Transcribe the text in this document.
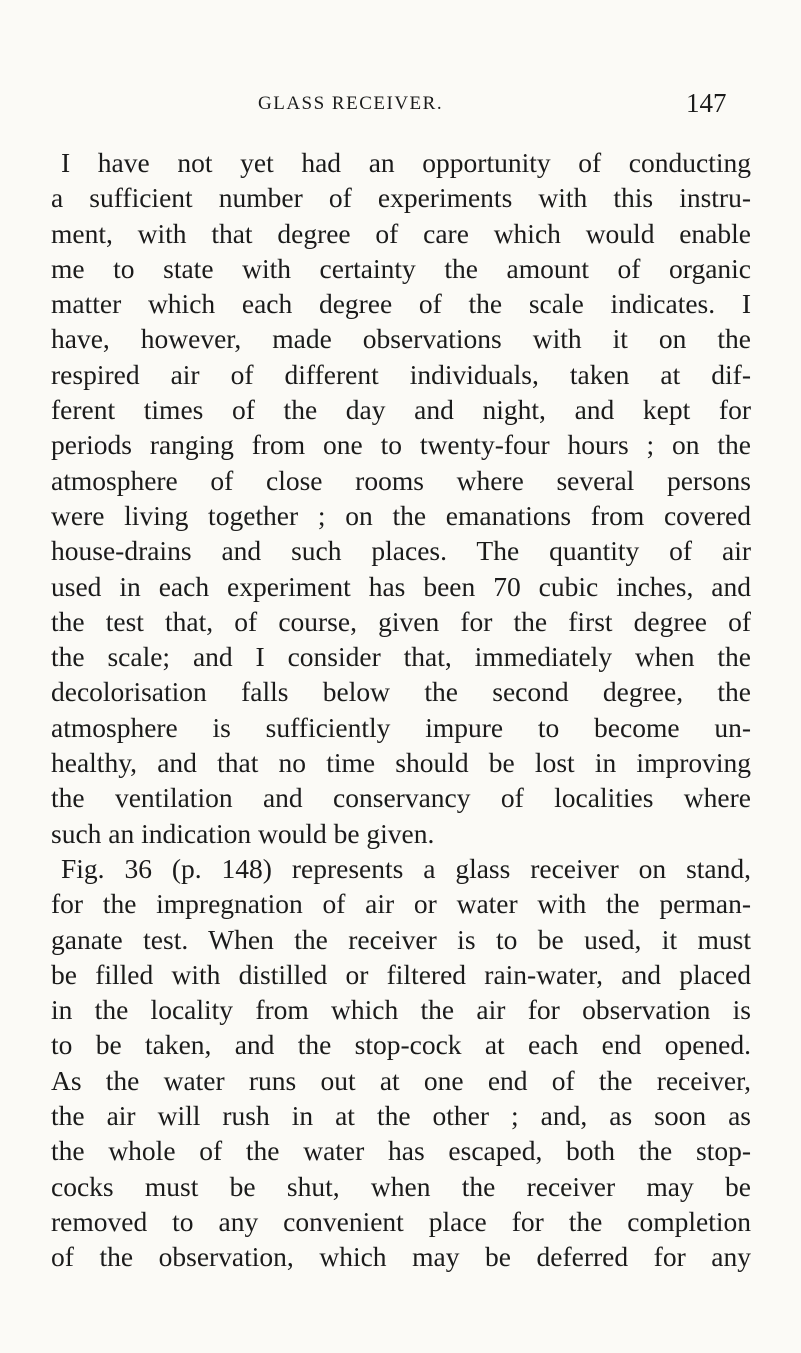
GLASS RECEIVER.	147
I have not yet had an opportunity of conducting
a sufficient number of experiments with this instru-
ment, with that degree of care which would enable
me to state with certainty the amount of organic
matter which each degree of the scale indicates. I
have, however, made observations with it on the
respired air of different individuals, taken at dif-
ferent times of the day and night, and kept for
periods ranging from one to twenty-four hours ; on the
atmosphere of close rooms where several persons
were living together ; on the emanations from covered
house-drains and such places. The quantity of air
used in each experiment has been 70 cubic inches, and
the test that, of course, given for the first degree of
the scale; and I consider that, immediately when the
decolorisation falls below the second degree, the
atmosphere is sufficiently impure to become un-
healthy, and that no time should be lost in improving
the ventilation and conservancy of localities where
such an indication would be given.
Fig. 36 (p. 148) represents a glass receiver on stand,
for the impregnation of air or water with the perman-
ganate test. When the receiver is to be used, it must
be filled with distilled or filtered rain-water, and placed
in the locality from which the air for observation is
to be taken, and the stop-cock at each end opened.
As the water runs out at one end of the receiver,
the air will rush in at the other ; and, as soon as
the whole of the water has escaped, both the stop-
cocks must be shut, when the receiver may be
removed to any convenient place for the completion
of the observation, which may be deferred for any
